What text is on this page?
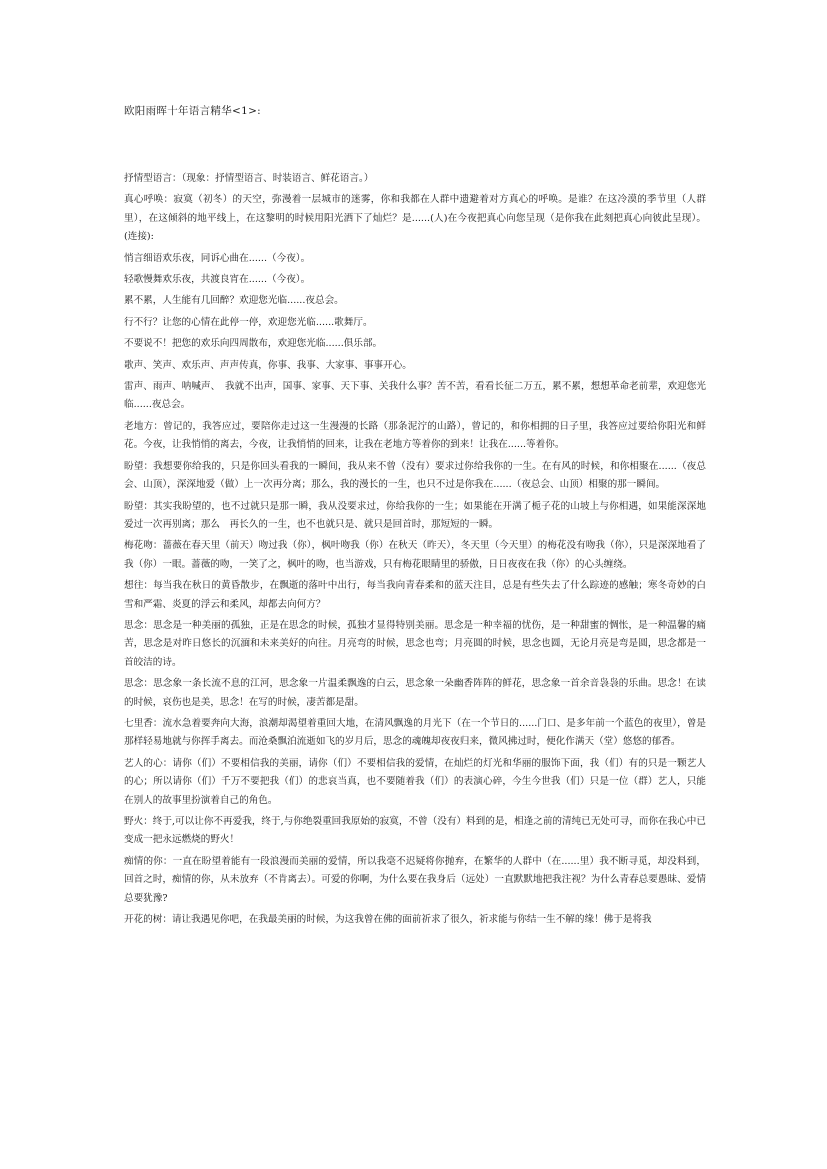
欧阳雨晖十年语言精华<1>:

抒情型语言：（现象：抒情型语言、时装语言、鲜花语言。）

真心呼唤：寂寞（初冬）的天空，弥漫着一层城市的迷雾，你和我都在人群中遗避着对方真心的呼唤。是谁？在这冷漠的季节里（人群里），在这倾斜的地平线上，在这黎明的时候用阳光洒下了灿烂？是......(人)在今夜把真心向您呈现（是你我在此刻把真心向彼此呈现）。(连接):

悄言细语欢乐夜，同诉心曲在......（今夜）。

轻歌慢舞欢乐夜，共渡良宵在......（今夜）。

累不累，人生能有几回醉？欢迎您光临......夜总会。

行不行？让您的心情在此停一停，欢迎您光临......歌舞厅。

不要说不！把您的欢乐向四周散布，欢迎您光临......俱乐部。

歌声、笑声、欢乐声、声声传真，你事、我事、大家事、事事开心。

雷声、雨声、呐喊声、　我就不出声，国事、家事、天下事、关我什么事？苦不苦，看看长征二万五，累不累，想想革命老前辈，欢迎您光临......夜总会。

老地方：曾记的，我答应过，要陪你走过这一生漫漫的长路（那条泥泞的山路），曾记的，和你相拥的日子里，我答应过要给你阳光和鲜花。今夜，让我悄悄的离去，今夜，让我悄悄的回来，让我在老地方等着你的到来！让我在......等着你。

盼望：我想要你给我的，只是你回头看我的一瞬间，我从来不曾（没有）要求过你给我你的一生。在有风的时候，和你相聚在......（夜总会、山顶），深深地爱（做）上一次再分离；那么，我的漫长的一生，也只不过是你我在......（夜总会、山顶）相聚的那一瞬间。

盼望：其实我盼望的，也不过就只是那一瞬，我从没要求过，你给我你的一生；如果能在开满了栀子花的山坡上与你相遇，如果能深深地爱过一次再别离；那么　再长久的一生，也不也就只是、就只是回首时，那短短的一瞬。

梅花吻：蔷薇在春天里（前天）吻过我（你），枫叶吻我（你）在秋天（昨天），冬天里（今天里）的梅花没有吻我（你），只是深深地看了我（你）一眼。蔷薇的吻，一笑了之，枫叶的吻，也当游戏，只有梅花眼睛里的骄傲，日日夜夜在我（你）的心头缠绕。

想往：每当我在秋日的黄昏散步，在飘逝的落叶中出行，每当我向青春柔和的蓝天注目，总是有些失去了什么踪迹的感触；寒冬奇妙的白雪和严霜、炎夏的浮云和柔风，却都去向何方？

思念：思念是一种美丽的孤独，正是在思念的时候，孤独才显得特别美丽。思念是一种幸福的忧伤，是一种甜蜜的惆怅，是一种温馨的痛苦，思念是对昨日悠长的沉湎和未来美好的向往。月亮弯的时候，思念也弯；月亮圆的时候，思念也圆，无论月亮是弯是圆，思念都是一首皎洁的诗。

思念：思念象一条长流不息的江河，思念象一片温柔飘逸的白云，思念象一朵幽香阵阵的鲜花，思念象一首余音袅袅的乐曲。思念！在读的时候，哀伤也是美，思念！在写的时候，凄苦都是甜。

七里香：流水急着要奔向大海，浪潮却渴望着重回大地，在清风飘逸的月光下（在一个节日的......门口、是多年前一个蓝色的夜里），曾是那样轻易地就与你挥手离去。而沧桑飘泊流逝如飞的岁月后，思念的魂魄却夜夜归来，微风拂过时，便化作满天（堂）悠悠的郁香。

艺人的心：请你（们）不要相信我的美丽，请你（们）不要相信我的爱情，在灿烂的灯光和华丽的服饰下面，我（们）有的只是一颗艺人的心；所以请你（们）千万不要把我（们）的悲哀当真，也不要随着我（们）的表演心碎，今生今世我（们）只是一位（群）艺人，只能在别人的故事里扮演着自己的角色。

野火：终于,可以让你不再爱我，终于,与你绝裂重回我原始的寂寞，不曾（没有）料到的是，相逢之前的清纯已无处可寻，而你在我心中已变成一把永远燃烧的野火！

痴情的你：一直在盼望着能有一段浪漫而美丽的爱情，所以我毫不迟疑将你抛弃，在繁华的人群中（在......里）我不断寻觅，却没料到，回首之时，痴情的你，从未放弃（不肯离去）。可爱的你啊，为什么要在我身后（远处）一直默默地把我注视？为什么青春总要愚昧、爱情总要犹豫?

开花的树：请让我遇见你吧，在我最美丽的时候，为这我曾在佛的面前祈求了很久，祈求能与你结一生不解的缘！佛于是将我
